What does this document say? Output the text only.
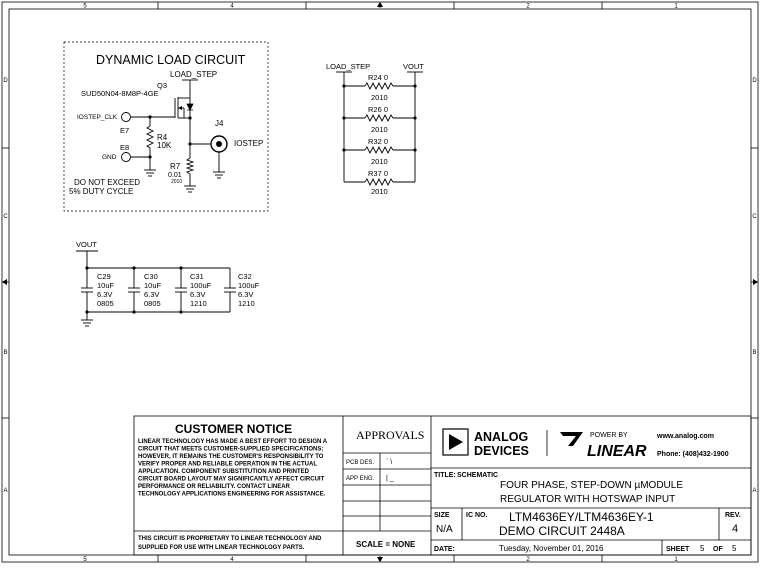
5	4	3	2	1
5	4	3	2	1
D
C
B
A
D
C
B
A
DYNAMIC LOAD CIRCUIT
LOAD_STEP
Q3
SUD50N04-8M8P-4GE
R4
10K
R7
0.01
2010
IOSTEP_CLK
E7
GND
E8
J4
IOSTEP
DO NOT EXCEED
5% DUTY CYCLE
LOAD_STEP	VOUT
R24 0
2010
R26 0
2010
R32 0
2010
R37 0
2010
VOUT
C29
10uF
6.3V
0805
C30
10uF
6.3V
0805
C31
100uF
6.3V
1210
C32
100uF
6.3V
1210
CUSTOMER NOTICE
LINEAR TECHNOLOGY HAS MADE A BEST EFFORT TO DESIGN A
CIRCUIT THAT MEETS CUSTOMER-SUPPLIED SPECIFICATIONS;
HOWEVER, IT REMAINS THE CUSTOMER'S RESPONSIBILITY TO
VERIFY PROPER AND RELIABLE OPERATION IN THE ACTUAL
APPLICATION. COMPONENT SUBSTITUTION AND PRINTED
CIRCUIT BOARD LAYOUT MAY SIGNIFICANTLY AFFECT CIRCUIT
PERFORMANCE OR RELIABILITY. CONTACT LINEAR
TECHNOLOGY APPLICATIONS ENGINEERING FOR ASSISTANCE.
THIS CIRCUIT IS PROPRIETARY TO LINEAR TECHNOLOGY AND
SUPPLIED FOR USE WITH LINEAR TECHNOLOGY PARTS.
APPROVALS
PCB DES. ` \
APP ENG. | _
SCALE = NONE
ANALOG
DEVICES
POWER BY
LINEAR
www.analog.com
Phone: (408)432-1900
TITLE: SCHEMATIC
FOUR PHASE, STEP-DOWN µMODULE
REGULATOR WITH HOTSWAP INPUT
SIZE
N/A
IC NO. LTM4636EY/LTM4636EY-1
DEMO CIRCUIT 2448A
REV.
4
DATE:	Tuesday, November 01, 2016	SHEET 5 OF 5
